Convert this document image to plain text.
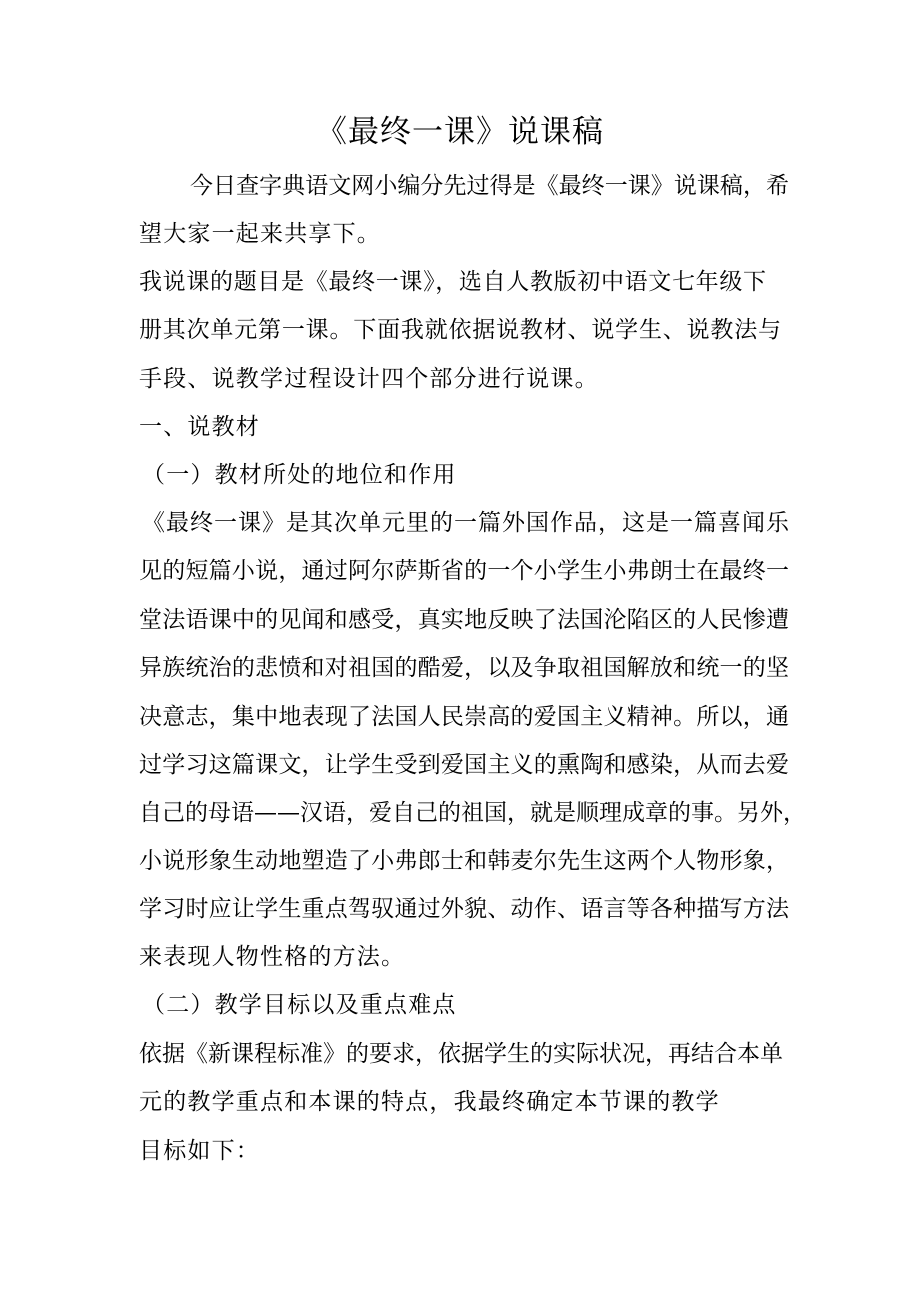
《最终一课》说课稿
今日查字典语文网小编分先过得是《最终一课》说课稿，希
望大家一起来共享下。
我说课的题目是《最终一课》，选自人教版初中语文七年级下
册其次单元第一课。下面我就依据说教材、说学生、说教法与
手段、说教学过程设计四个部分进行说课。
一、说教材
（一）教材所处的地位和作用
《最终一课》是其次单元里的一篇外国作品，这是一篇喜闻乐
见的短篇小说，通过阿尔萨斯省的一个小学生小弗朗士在最终一
堂法语课中的见闻和感受，真实地反映了法国沦陷区的人民惨遭
异族统治的悲愤和对祖国的酷爱，以及争取祖国解放和统一的坚
决意志，集中地表现了法国人民崇高的爱国主义精神。所以，通
过学习这篇课文，让学生受到爱国主义的熏陶和感染，从而去爱
自己的母语——汉语，爱自己的祖国，就是顺理成章的事。另外，
小说形象生动地塑造了小弗郎士和韩麦尔先生这两个人物形象，
学习时应让学生重点驾驭通过外貌、动作、语言等各种描写方法
来表现人物性格的方法。
（二）教学目标以及重点难点
依据《新课程标准》的要求，依据学生的实际状况，再结合本单
元的教学重点和本课的特点，我最终确定本节课的教学
目标如下：
